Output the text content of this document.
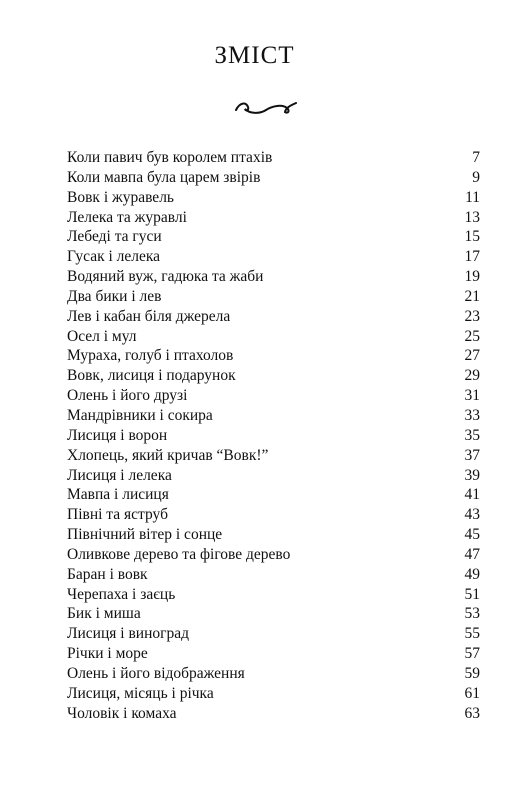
ЗМІСТ
Коли павич був королем птахів	7
Коли мавпа була царем звірів	9
Вовк і журавель	11
Лелека та журавлі	13
Лебеді та гуси	15
Гусак і лелека	17
Водяний вуж, гадюка та жаби	19
Два бики і лев	21
Лев і кабан біля джерела	23
Осел і мул	25
Мураха, голуб і птахолов	27
Вовк, лисиця і подарунок	29
Олень і його друзі	31
Мандрівники і сокира	33
Лисиця і ворон	35
Хлопець, який кричав “Вовк!”	37
Лисиця і лелека	39
Мавпа і лисиця	41
Півні та яструб	43
Північний вітер і сонце	45
Оливкове дерево та фігове дерево	47
Баран і вовк	49
Черепаха і заєць	51
Бик і миша	53
Лисиця і виноград	55
Річки і море	57
Олень і його відображення	59
Лисиця, місяць і річка	61
Чоловік і комаха	63
